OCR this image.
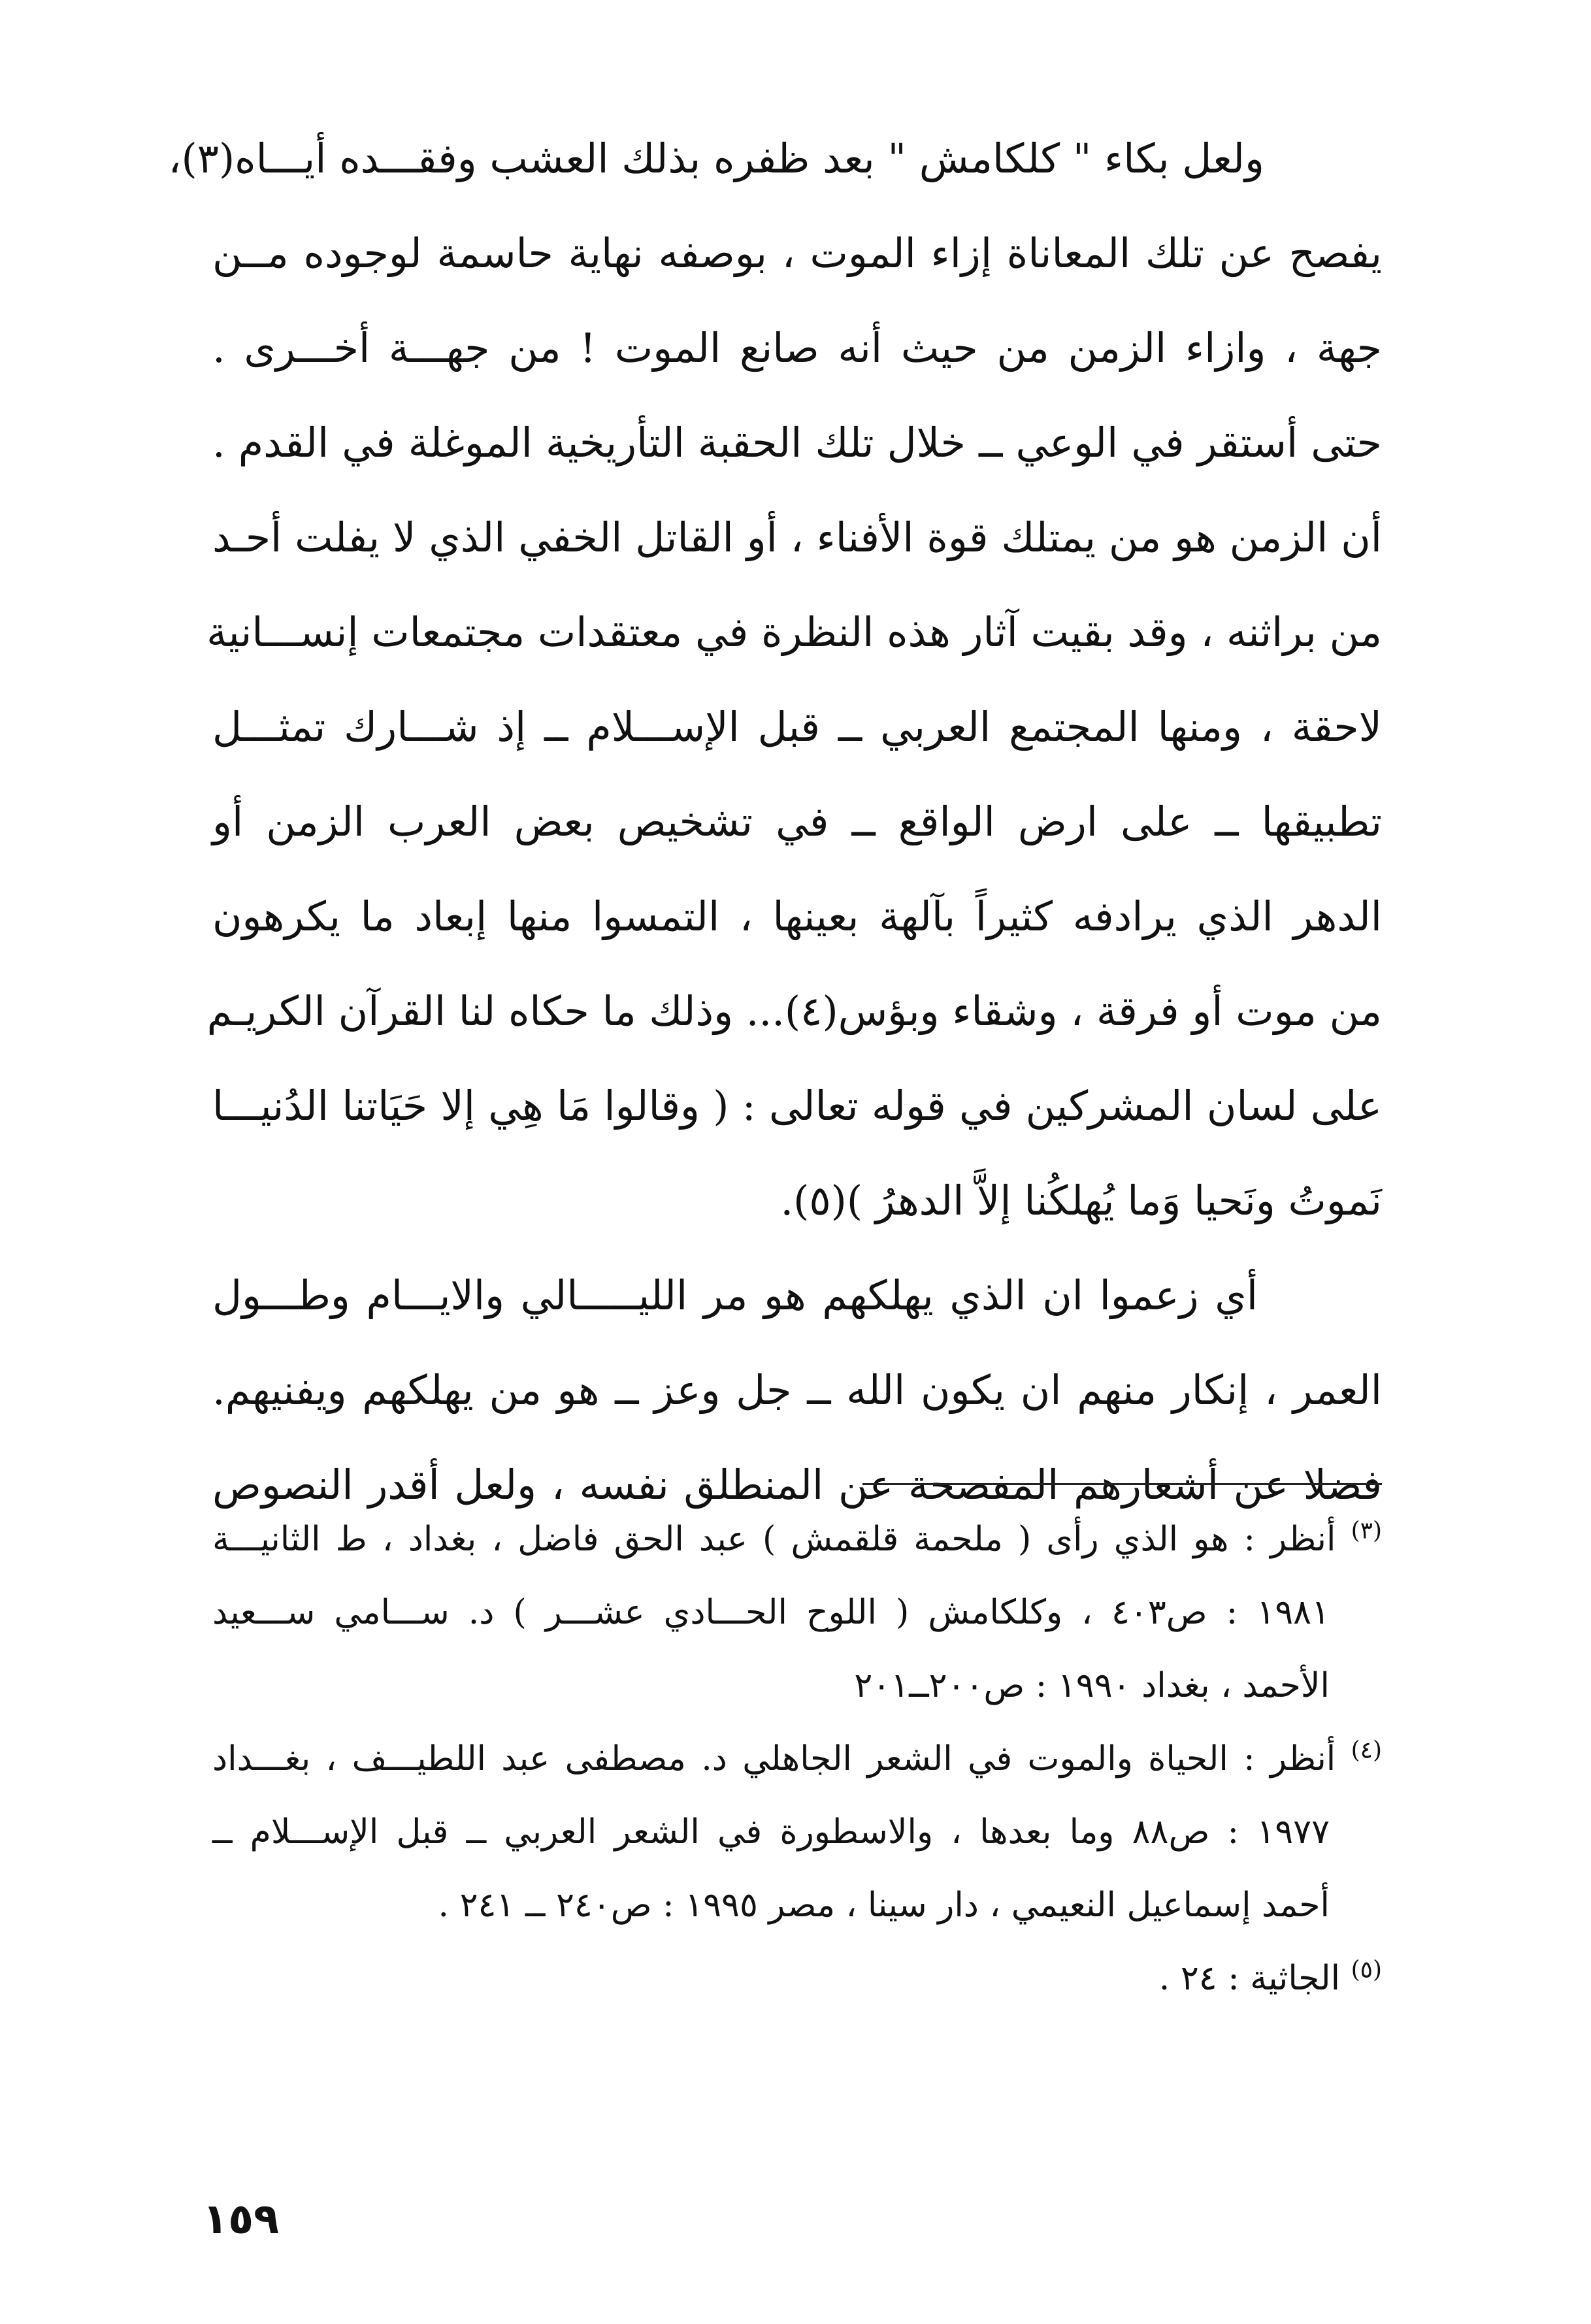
ولعل بكاء " كلكامش " بعد ظفره بذلك العشب وفقـــده أيـــاه(٣)،
يفصح عن تلك المعاناة إزاء الموت ، بوصفه نهاية حاسمة لوجوده مــن
جهة ، وازاء الزمن من حيث أنه صانع الموت ! من جهـــة أخـــرى .
حتى أستقر في الوعي ــ خلال تلك الحقبة التأريخية الموغلة في القدم .
أن الزمن هو من يمتلك قوة الأفناء ، أو القاتل الخفي الذي لا يفلت أحـد
من براثنه ، وقد بقيت آثار هذه النظرة في معتقدات مجتمعات إنســـانية
لاحقة ، ومنها المجتمع العربي ــ قبل الإســـلام ــ إذ شـــارك تمثـــل
تطبيقها ــ على ارض الواقع ــ في تشخيص بعض العرب الزمن أو
الدهر الذي يرادفه كثيراً بآلهة بعينها ، التمسوا منها إبعاد ما يكرهون
من موت أو فرقة ، وشقاء وبؤس(٤)... وذلك ما حكاه لنا القرآن الكريـم
على لسان المشركين في قوله تعالى : ( وقالوا مَا هِي إلا حَيَاتنا الدُنيـــا
نَموتُ ونَحيا وَما يُهلكُنا إلاَّ الدهرُ )(٥).
أي زعموا ان الذي يهلكهم هو مر الليـــــالي والايـــام وطـــول
العمر ، إنكار منهم ان يكون الله ــ جل وعز ــ هو من يهلكهم ويفنيهم.
فضلا عن أشعارهم المفصحة عن المنطلق نفسه ، ولعل أقدر النصوص
$^{(٣)}$ أنظر : هو الذي رأى ( ملحمة قلقمش ) عبد الحق فاضل ، بغداد ، ط الثانيـــة
١٩٨١ : ص٤٠٣ ، وكلكامش ( اللوح الحـــادي عشـــر ) د. ســـامي ســـعيد
الأحمد ، بغداد ١٩٩٠ : ص٢٠٠ــ٢٠١
$^{(٤)}$ أنظر : الحياة والموت في الشعر الجاهلي د. مصطفى عبد اللطيـــف ، بغـــداد
١٩٧٧ : ص٨٨ وما بعدها ، والاسطورة في الشعر العربي ــ قبل الإســـلام ــ
أحمد إسماعيل النعيمي ، دار سينا ، مصر ١٩٩٥ : ص٢٤٠ ــ ٢٤١ .
$^{(٥)}$ الجاثية : ٢٤ .
١٥٩
